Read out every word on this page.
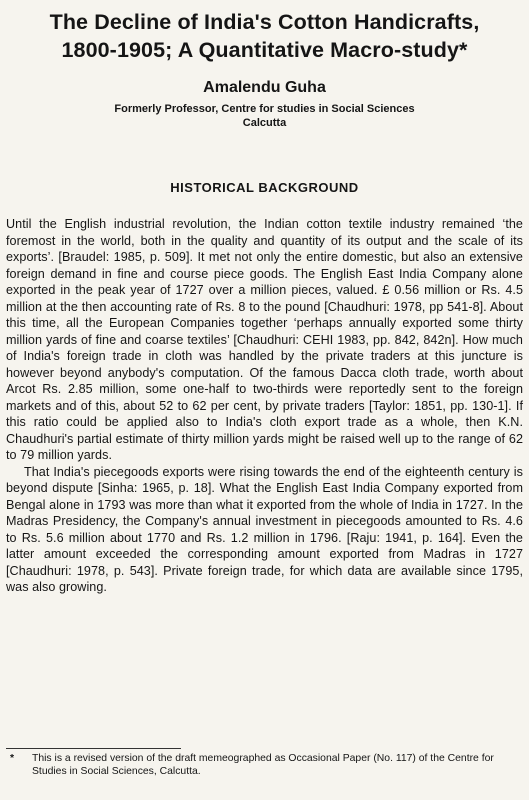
The Decline of India's Cotton Handicrafts,
1800-1905; A Quantitative Macro-study*
Amalendu Guha
Formerly Professor, Centre for studies in Social Sciences
Calcutta
HISTORICAL BACKGROUND

Until the English industrial revolution, the Indian cotton textile industry remained ‘the foremost in the world, both in the quality and quantity of its output and the scale of its exports’. [Braudel: 1985, p. 509]. It met not only the entire domestic, but also an extensive foreign demand in fine and course piece goods. The English East India Company alone exported in the peak year of 1727 over a million pieces, valued. £ 0.56 million or Rs. 4.5 million at the then accounting rate of Rs. 8 to the pound [Chaudhuri: 1978, pp 541-8]. About this time, all the European Companies together ‘perhaps annually exported some thirty million yards of fine and coarse textiles’ [Chaudhuri: CEHI 1983, pp. 842, 842n]. How much of India's foreign trade in cloth was handled by the private traders at this juncture is however beyond anybody's computation. Of the famous Dacca cloth trade, worth about Arcot Rs. 2.85 million, some one-half to two-thirds were reportedly sent to the foreign markets and of this, about 52 to 62 per cent, by private traders [Taylor: 1851, pp. 130-1]. If this ratio could be applied also to India's cloth export trade as a whole, then K.N. Chaudhuri's partial estimate of thirty million yards might be raised well up to the range of 62 to 79 million yards.

That India's piecegoods exports were rising towards the end of the eighteenth century is beyond dispute [Sinha: 1965, p. 18]. What the English East India Company exported from Bengal alone in 1793 was more than what it exported from the whole of India in 1727. In the Madras Presidency, the Company's annual investment in piecegoods amounted to Rs. 4.6 to Rs. 5.6 million about 1770 and Rs. 1.2 million in 1796. [Raju: 1941, p. 164]. Even the latter amount exceeded the corresponding amount exported from Madras in 1727 [Chaudhuri: 1978, p. 543]. Private foreign trade, for which data are available since 1795, was also growing.

*	This is a revised version of the draft memeographed as Occasional Paper (No. 117) of the Centre for Studies in Social Sciences, Calcutta.
